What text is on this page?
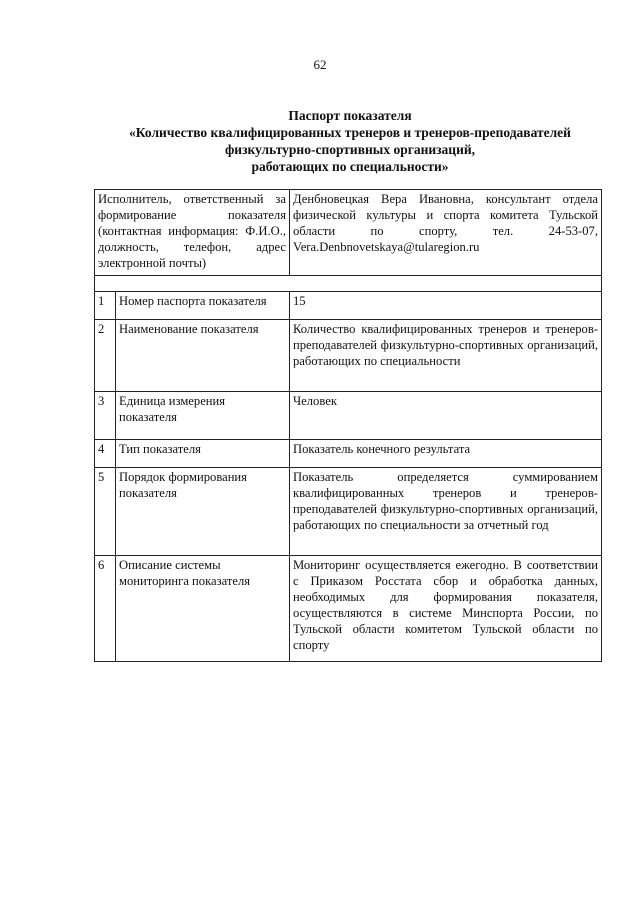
62
Паспорт показателя
«Количество квалифицированных тренеров и тренеров-преподавателей
физкультурно-спортивных организаций,
работающих по специальности»
Исполнитель, ответственный за формирование показателя (контактная информация: Ф.И.О., должность, телефон, адрес электронной почты)		Денбновецкая Вера Ивановна, консультант отдела физической культуры и спорта комитета Тульской области по спорту, тел. 24-53-07, Vera.Denbnovetskaya@tularegion.ru

1	Номер паспорта показателя	15
2	Наименование показателя	Количество квалифицированных тренеров и тренеров-преподавателей физкультурно-спортивных организаций, работающих по специальности
3	Единица измерения показателя	Человек
4	Тип показателя	Показатель конечного результата
5	Порядок формирования показателя	Показатель определяется суммированием квалифицированных тренеров и тренеров-преподавателей физкультурно-спортивных организаций, работающих по специальности за отчетный год
6	Описание системы мониторинга показателя	Мониторинг осуществляется ежегодно. В соответствии с Приказом Росстата сбор и обработка данных, необходимых для формирования показателя, осуществляются в системе Минспорта России, по Тульской области комитетом Тульской области по спорту
